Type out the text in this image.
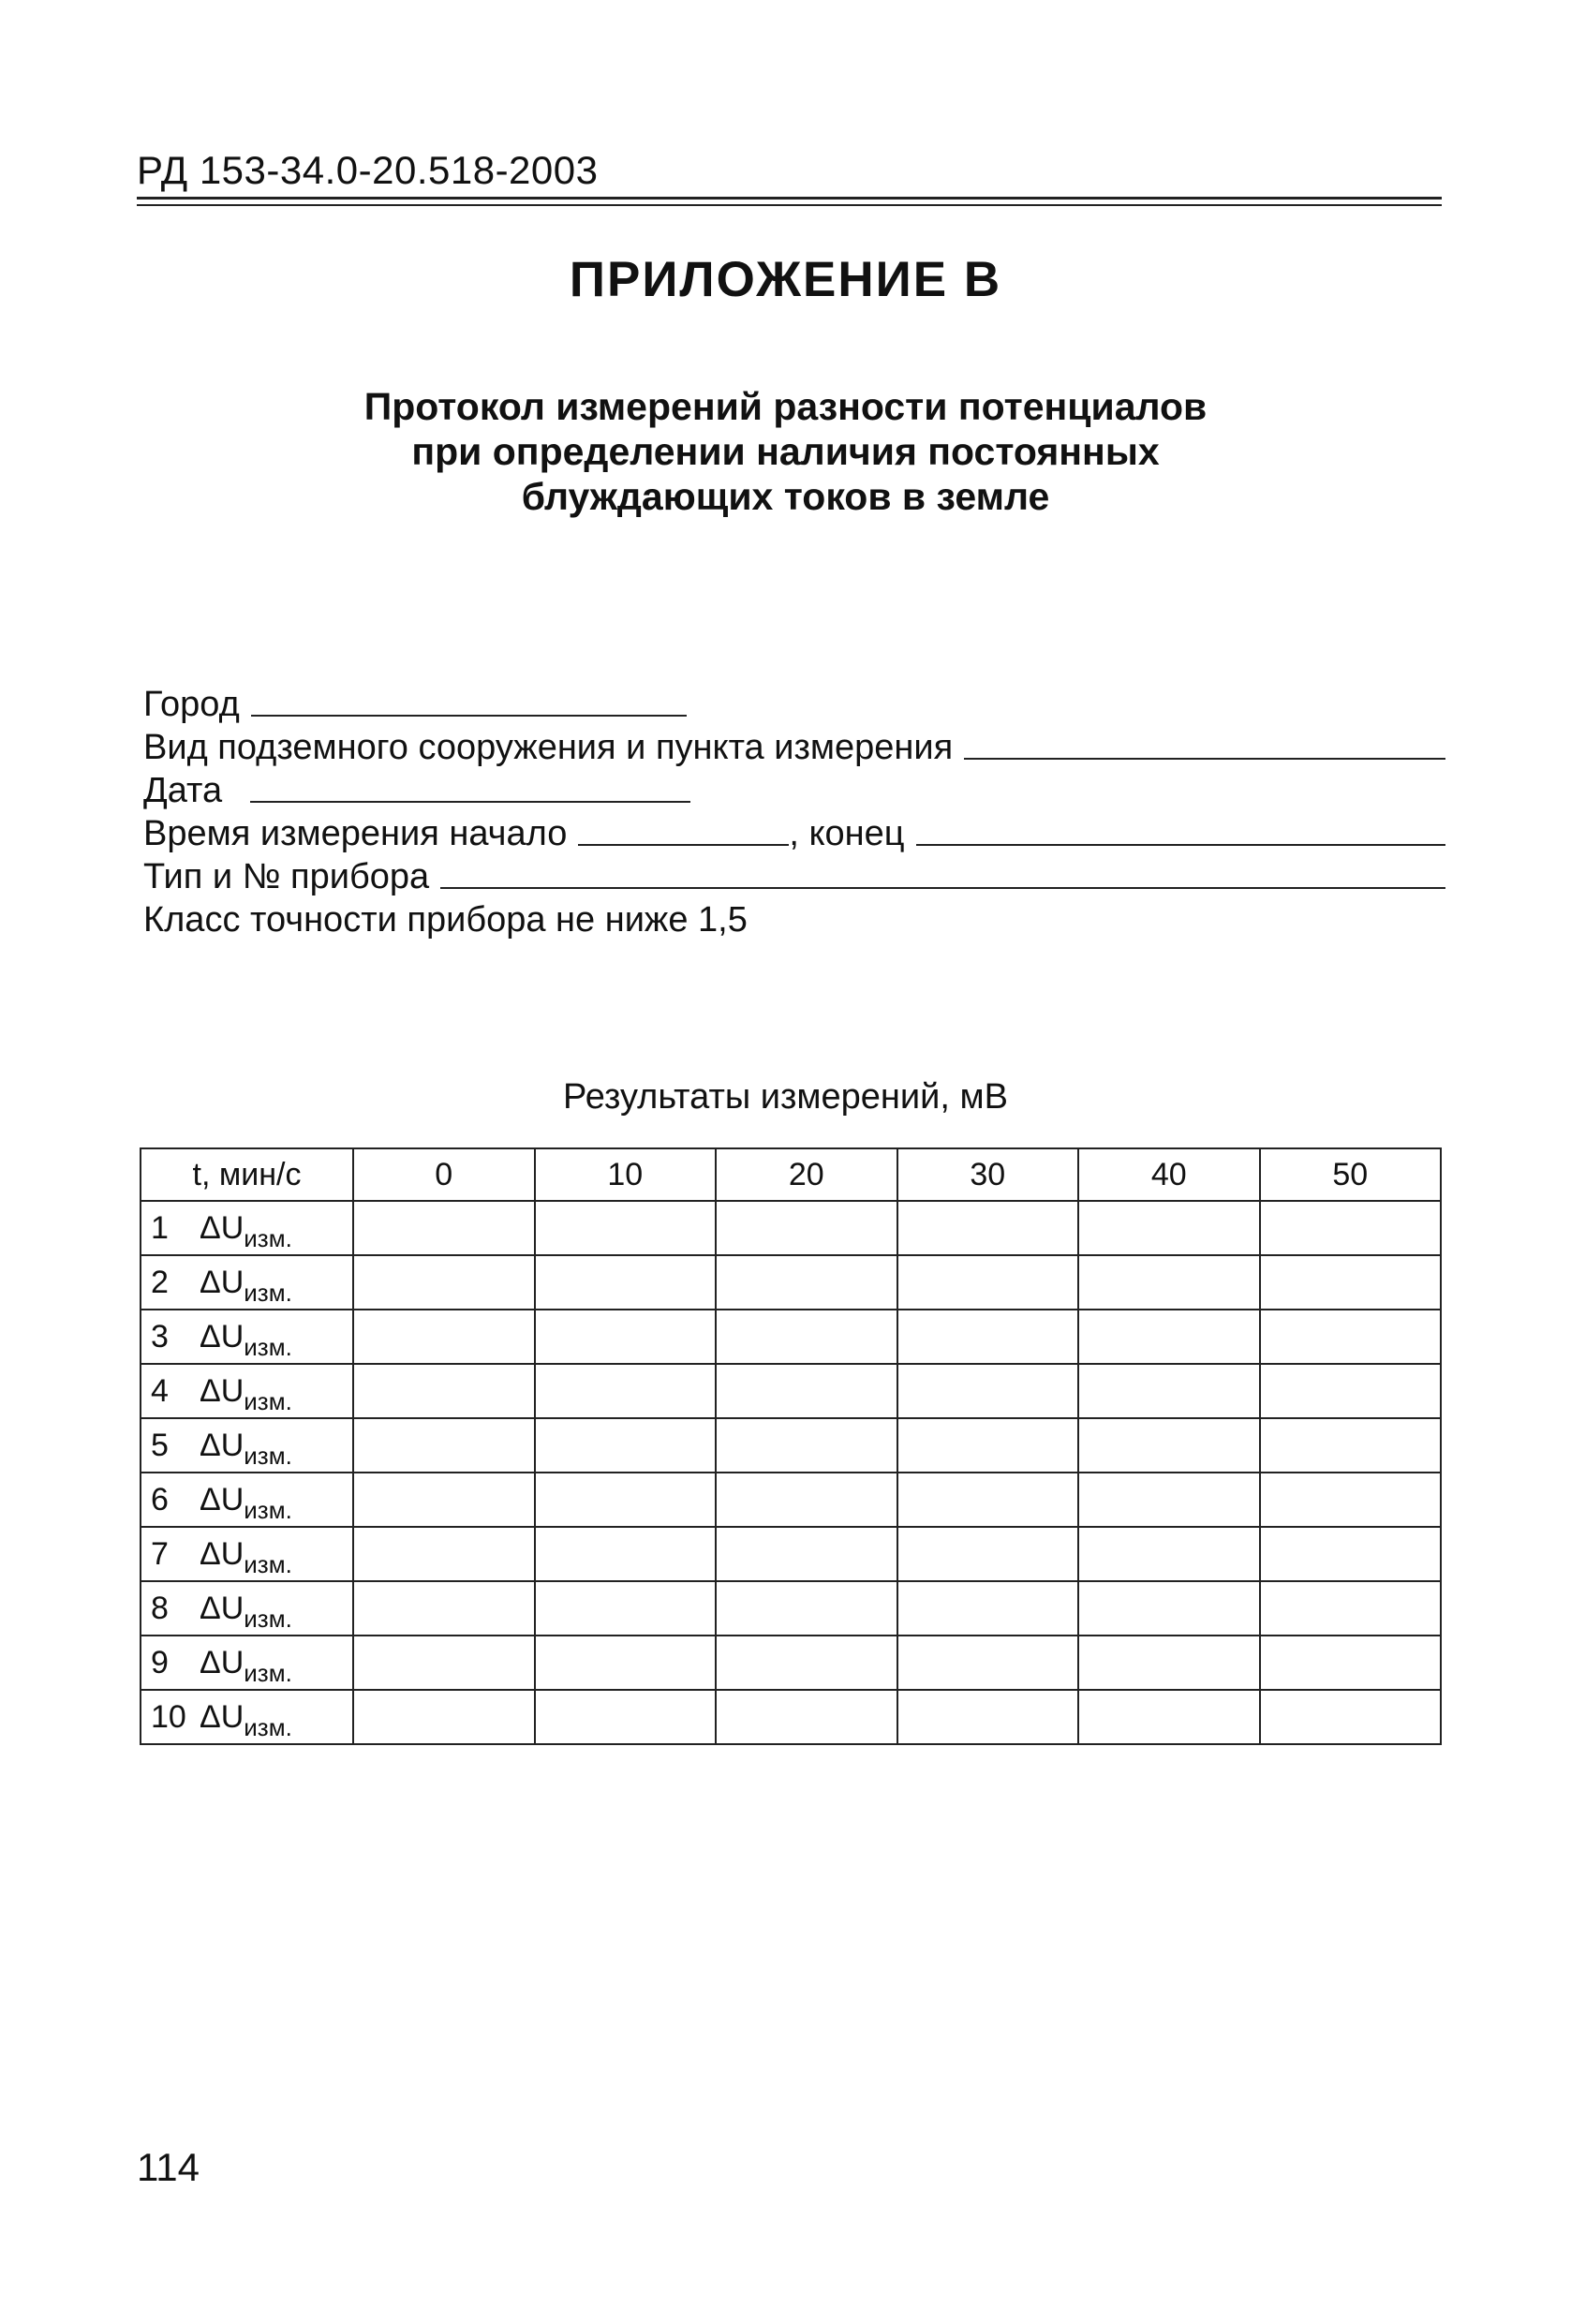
РД 153-34.0-20.518-2003
ПРИЛОЖЕНИЕ В
Протокол измерений разности потенциалов
при определении наличия постоянных
блуждающих токов в земле
Город
Вид подземного сооружения и пункта измерения
Дата
Время измерения начало	, конец
Тип и № прибора
Класс точности прибора не ниже 1,5
Результаты измерений, мВ
t, мин/с	0	10	20	30	40	50
1 $\Delta U_{изм.}$						
2 $\Delta U_{изм.}$						
3 $\Delta U_{изм.}$						
4 $\Delta U_{изм.}$						
5 $\Delta U_{изм.}$						
6 $\Delta U_{изм.}$						
7 $\Delta U_{изм.}$						
8 $\Delta U_{изм.}$						
9 $\Delta U_{изм.}$						
10 $\Delta U_{изм.}$						
114
